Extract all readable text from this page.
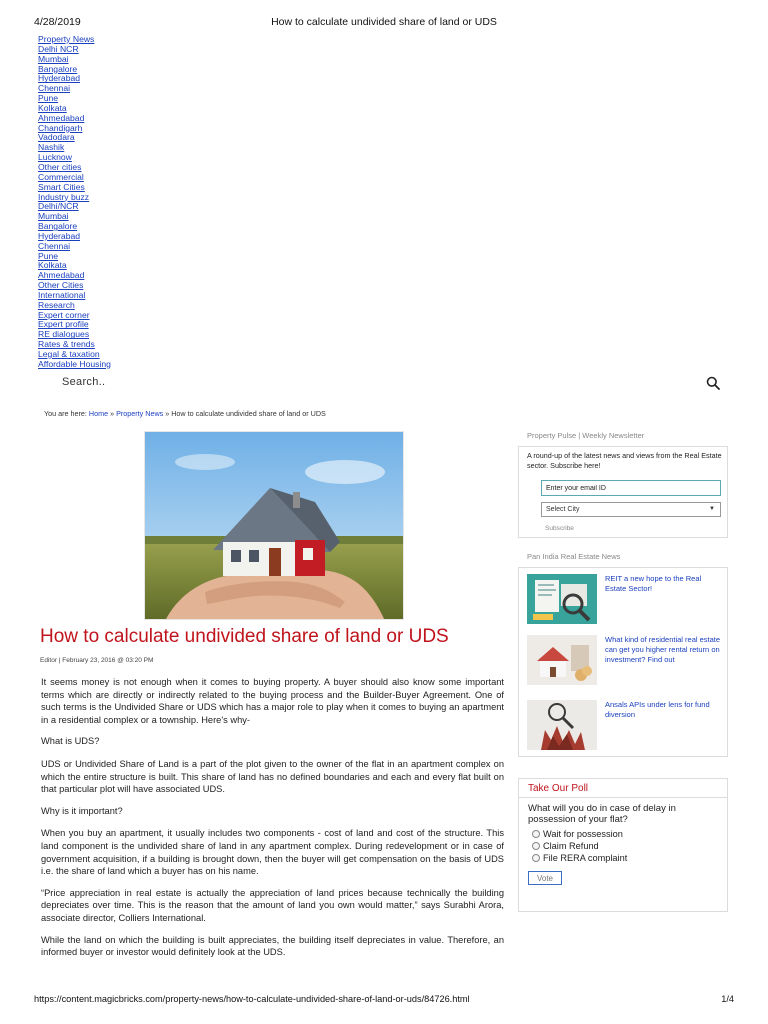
4/28/2019	How to calculate undivided share of land or UDS
Property News
Delhi NCR
Mumbai
Bangalore
Hyderabad
Chennai
Pune
Kolkata
Ahmedabad
Chandigarh
Vadodara
Nashik
Lucknow
Other cities
Commercial
Smart Cities
Industry buzz
Delhi/NCR
Mumbai
Bangalore
Hyderabad
Chennai
Pune
Kolkata
Ahmedabad
Other Cities
International
Research
Expert corner
Expert profile
RE dialogues
Rates & trends
Legal & taxation
Affordable Housing
Search..
You are here: Home » Property News » How to calculate undivided share of land or UDS
How to calculate undivided share of land or UDS
Editor | February 23, 2016 @ 03:20 PM

It seems money is not enough when it comes to buying property. A buyer should also know some important terms which are directly or indirectly related to the buying process and the Builder-Buyer Agreement. One of such terms is the Undivided Share or UDS which has a major role to play when it comes to buying an apartment in a residential complex or a township. Here's why-

What is UDS?

UDS or Undivided Share of Land is a part of the plot given to the owner of the flat in an apartment complex on which the entire structure is built. This share of land has no defined boundaries and each and every flat built on that particular plot will have associated UDS.

Why is it important?

When you buy an apartment, it usually includes two components - cost of land and cost of the structure. This land component is the undivided share of land in any apartment complex. During redevelopment or in case of government acquisition, if a building is brought down, then the buyer will get compensation on the basis of UDS i.e. the share of land which a buyer has on his name.

“Price appreciation in real estate is actually the appreciation of land prices because technically the building depreciates over time. This is the reason that the amount of land you own would matter,” says Surabhi Arora, associate director, Colliers International.

While the land on which the building is built appreciates, the building itself depreciates in value. Therefore, an informed buyer or investor would definitely look at the UDS.

Property Pulse | Weekly Newsletter
A round-up of the latest news and views from the Real Estate sector. Subscribe here!
Enter your email ID
Select City	▼
Subscribe
Pan India Real Estate News
REIT a new hope to the Real Estate Sector!
What kind of residential real estate can get you higher rental return on investment? Find out
Ansals APIs under lens for fund diversion
Take Our Poll
What will you do in case of delay in possession of your flat?
Wait for possession
Claim Refund
File RERA complaint
Vote
https://content.magicbricks.com/property-news/how-to-calculate-undivided-share-of-land-or-uds/84726.html	1/4
